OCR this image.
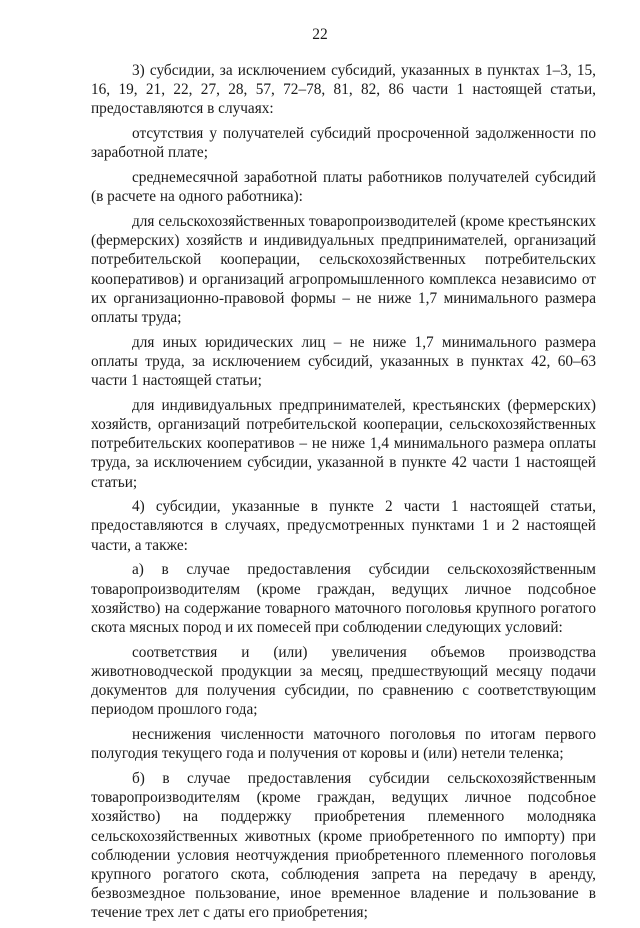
22

3) субсидии, за исключением субсидий, указанных в пунктах 1–3, 15, 16, 19, 21, 22, 27, 28, 57, 72–78, 81, 82, 86 части 1 настоящей статьи, предоставляются в случаях:

отсутствия у получателей субсидий просроченной задолженности по заработной плате;

среднемесячной заработной платы работников получателей субсидий (в расчете на одного работника):

для сельскохозяйственных товаропроизводителей (кроме крестьянских (фермерских) хозяйств и индивидуальных предпринимателей, организаций потребительской кооперации, сельскохозяйственных потребительских кооперативов) и организаций агропромышленного комплекса независимо от их организационно-правовой формы – не ниже 1,7 минимального размера оплаты труда;

для иных юридических лиц – не ниже 1,7 минимального размера оплаты труда, за исключением субсидий, указанных в пунктах 42, 60–63 части 1 настоящей статьи;

для индивидуальных предпринимателей, крестьянских (фермерских) хозяйств, организаций потребительской кооперации, сельскохозяйственных потребительских кооперативов – не ниже 1,4 минимального размера оплаты труда, за исключением субсидии, указанной в пункте 42 части 1 настоящей статьи;

4) субсидии, указанные в пункте 2 части 1 настоящей статьи, предоставляются в случаях, предусмотренных пунктами 1 и 2 настоящей части, а также:

а) в случае предоставления субсидии сельскохозяйственным товаропроизводителям (кроме граждан, ведущих личное подсобное хозяйство) на содержание товарного маточного поголовья крупного рогатого скота мясных пород и их помесей при соблюдении следующих условий:

соответствия и (или) увеличения объемов производства животноводческой продукции за месяц, предшествующий месяцу подачи документов для получения субсидии, по сравнению с соответствующим периодом прошлого года;

неснижения численности маточного поголовья по итогам первого полугодия текущего года и получения от коровы и (или) нетели теленка;

б) в случае предоставления субсидии сельскохозяйственным товаропроизводителям (кроме граждан, ведущих личное подсобное хозяйство) на поддержку приобретения племенного молодняка сельскохозяйственных животных (кроме приобретенного по импорту) при соблюдении условия неотчуждения приобретенного племенного поголовья крупного рогатого скота, соблюдения запрета на передачу в аренду, безвозмездное пользование, иное временное владение и пользование в течение трех лет с даты его приобретения;
